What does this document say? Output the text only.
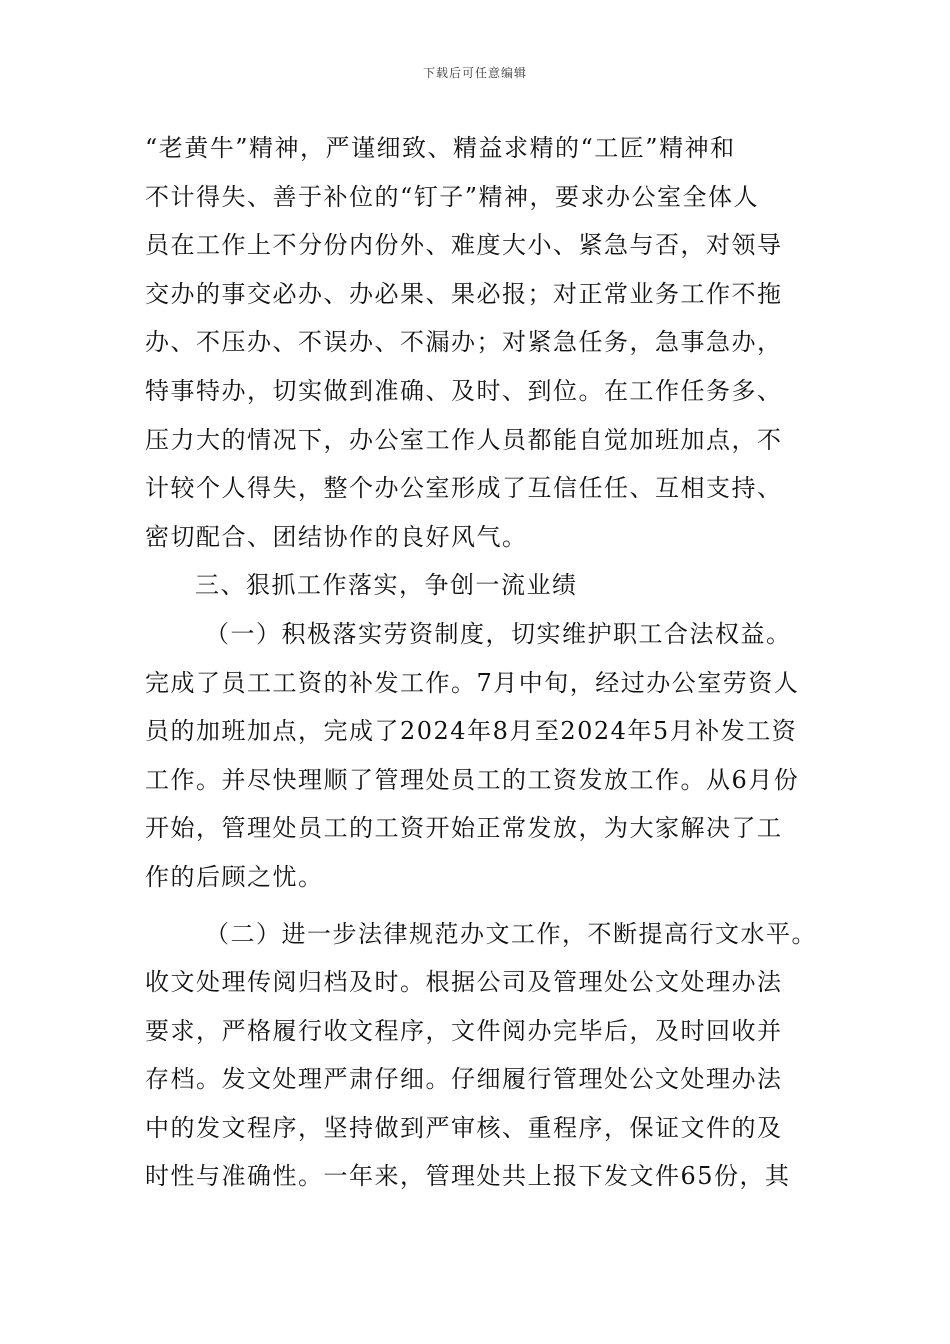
下载后可任意编辑
“老黄牛”精神，严谨细致、精益求精的“工匠”精神和
不计得失、善于补位的“钉子”精神，要求办公室全体人
员在工作上不分份内份外、难度大小、紧急与否，对领导
交办的事交必办、办必果、果必报；对正常业务工作不拖
办、不压办、不误办、不漏办；对紧急任务，急事急办，
特事特办，切实做到准确、及时、到位。在工作任务多、
压力大的情况下，办公室工作人员都能自觉加班加点，不
计较个人得失，整个办公室形成了互信任任、互相支持、
密切配合、团结协作的良好风气。
三、狠抓工作落实，争创一流业绩
（一）积极落实劳资制度，切实维护职工合法权益。
完成了员工工资的补发工作。7月中旬，经过办公室劳资人
员的加班加点，完成了2024年8月至2024年5月补发工资
工作。并尽快理顺了管理处员工的工资发放工作。从6月份
开始，管理处员工的工资开始正常发放，为大家解决了工
作的后顾之忧。
（二）进一步法律规范办文工作，不断提高行文水平。
收文处理传阅归档及时。根据公司及管理处公文处理办法
要求，严格履行收文程序，文件阅办完毕后，及时回收并
存档。发文处理严肃仔细。仔细履行管理处公文处理办法
中的发文程序，坚持做到严审核、重程序，保证文件的及
时性与准确性。一年来，管理处共上报下发文件65份，其
